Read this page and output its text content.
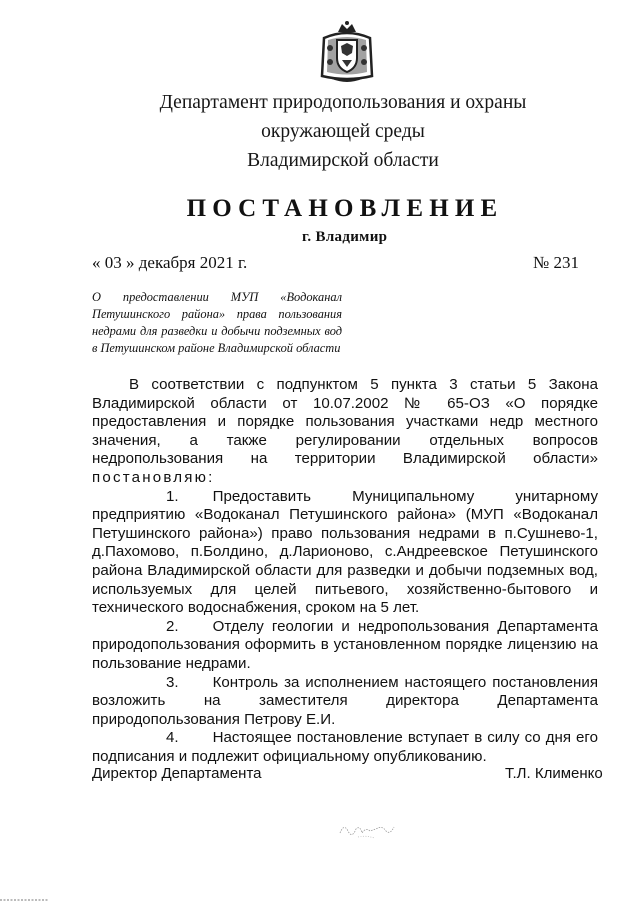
Департамент природопользования и охраны
окружающей среды
Владимирской области
ПОСТАНОВЛЕНИЕ
г. Владимир
« 03 » декабря 2021 г.	№ 231
О предоставлении МУП «Водоканал Петушинского района» права пользования недрами для разведки и добычи подземных вод в Петушинском районе Владимирской области

В соответствии с подпунктом 5 пункта 3 статьи 5 Закона Владимирской области от 10.07.2002 № 65-ОЗ «О порядке предоставления и порядке пользования участками недр местного значения, а также регулировании отдельных вопросов недропользования на территории Владимирской области» постановляю:

1. Предоставить Муниципальному унитарному предприятию «Водоканал Петушинского района» (МУП «Водоканал Петушинского района») право пользования недрами в п.Сушнево-1, д.Пахомово, п.Болдино, д.Ларионово, с.Андреевское Петушинского района Владимирской области для разведки и добычи подземных вод, используемых для целей питьевого, хозяйственно-бытового и технического водоснабжения, сроком на 5 лет.

2. Отделу геологии и недропользования Департамента природопользования оформить в установленном порядке лицензию на пользование недрами.

3. Контроль за исполнением настоящего постановления возложить на заместителя директора Департамента природопользования Петрову Е.И.

4. Настоящее постановление вступает в силу со дня его подписания и подлежит официальному опубликованию.

Директор Департамента	Т.Л. Клименко
